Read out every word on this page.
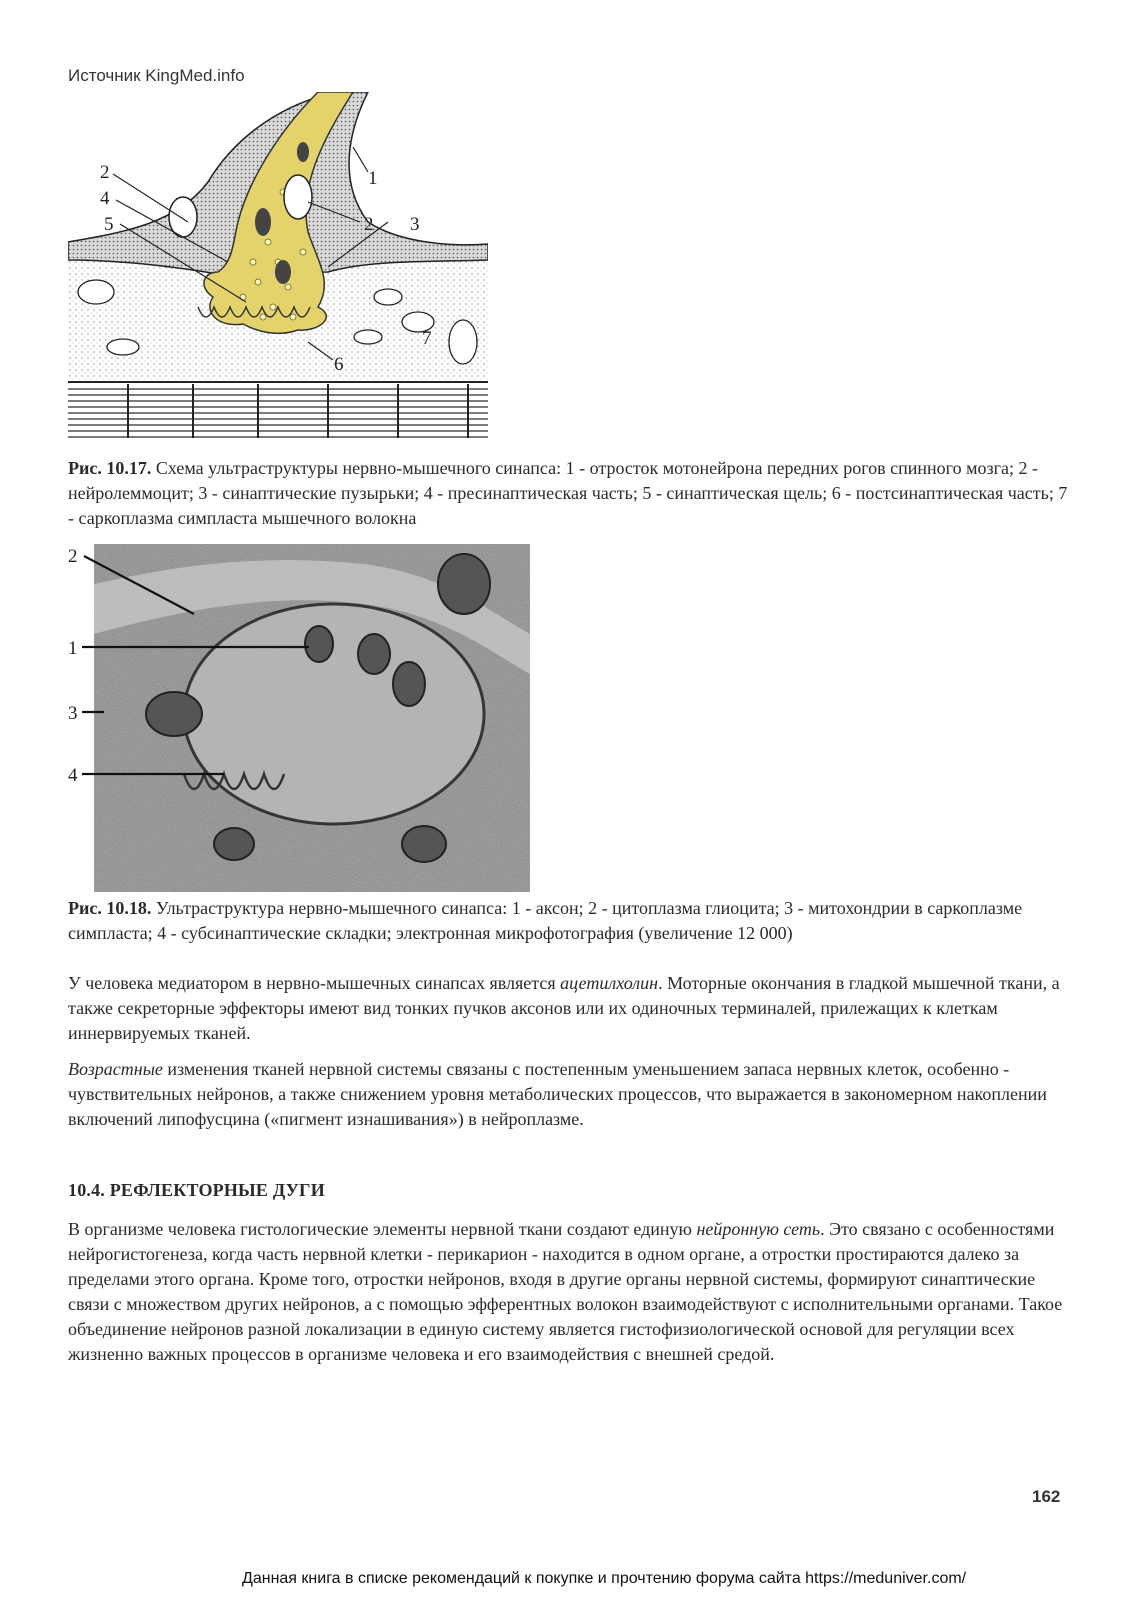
Источник KingMed.info
1
2
2 3
4
5
6
7

Рис. 10.17. Схема ультраструктуры нервно-мышечного синапса: 1 - отросток мотонейрона передних рогов спинного мозга; 2 - нейролеммоцит; 3 - синаптические пузырьки; 4 - пресинаптическая часть; 5 - синаптическая щель; 6 - постсинаптическая часть; 7 - саркоплазма симпласта мышечного волокна

2
1
3
4

Рис. 10.18. Ультраструктура нервно-мышечного синапса: 1 - аксон; 2 - цитоплазма глиоцита; 3 - митохондрии в саркоплазме симпласта; 4 - субсинаптические складки; электронная микрофотография (увеличение 12 000)

У человека медиатором в нервно-мышечных синапсах является ацетилхолин. Моторные окончания в гладкой мышечной ткани, а также секреторные эффекторы имеют вид тонких пучков аксонов или их одиночных терминалей, прилежащих к клеткам иннервируемых тканей.

Возрастные изменения тканей нервной системы связаны с постепенным уменьшением запаса нервных клеток, особенно - чувствительных нейронов, а также снижением уровня метаболических процессов, что выражается в закономерном накоплении включений липофусцина («пигмент изнашивания») в нейроплазме.

10.4. РЕФЛЕКТОРНЫЕ ДУГИ

В организме человека гистологические элементы нервной ткани создают единую нейронную сеть. Это связано с особенностями нейрогистогенеза, когда часть нервной клетки - перикарион - находится в одном органе, а отростки простираются далеко за пределами этого органа. Кроме того, отростки нейронов, входя в другие органы нервной системы, формируют синаптические связи с множеством других нейронов, а с помощью эфферентных волокон взаимодействуют с исполнительными органами. Такое объединение нейронов разной локализации в единую систему является гистофизиологической основой для регуляции всех жизненно важных процессов в организме человека и его взаимодействия с внешней средой.

162
Данная книга в списке рекомендаций к покупке и прочтению форума сайта https://meduniver.com/
